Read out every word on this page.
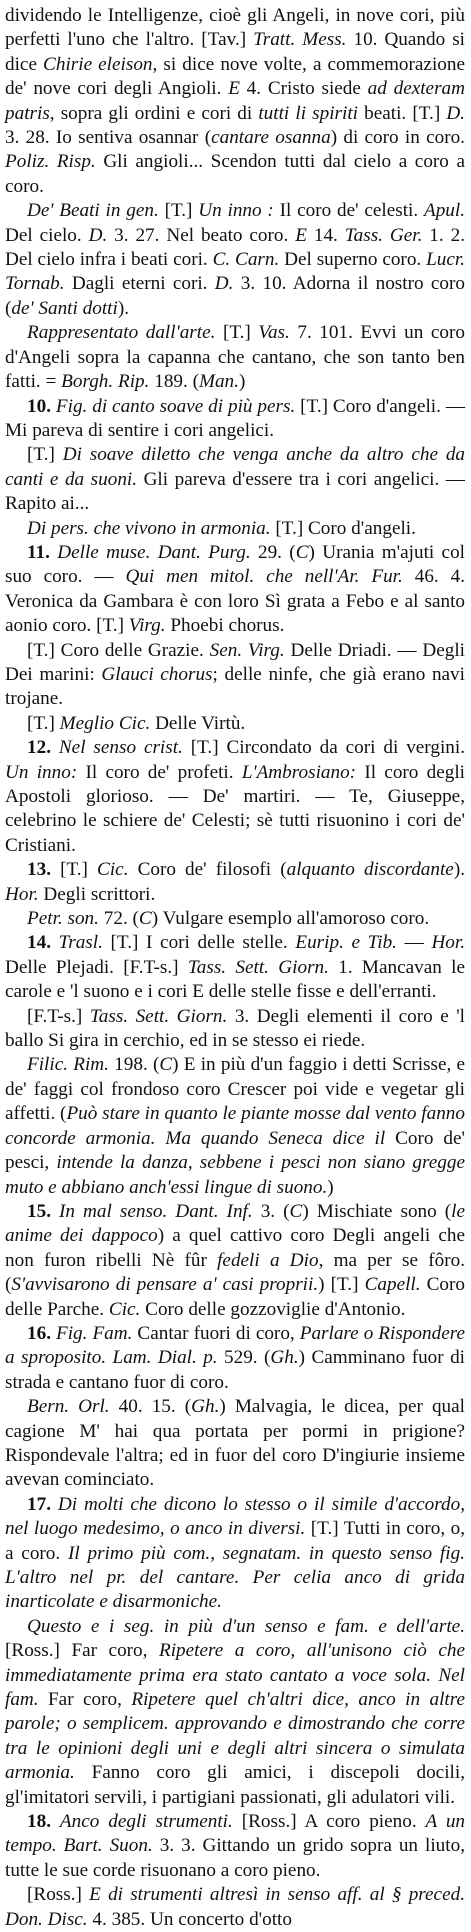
dividendo le Intelligenze, cioè gli Angeli, in nove cori, più perfetti l'uno che l'altro. [Tav.] Tratt. Mess. 10. Quando si dice Chirie eleison, si dice nove volte, a commemorazione de' nove cori degli Angioli. E 4. Cristo siede ad dexteram patris, sopra gli ordini e cori di tutti li spiriti beati. [T.] D. 3. 28. Io sentiva osannar (cantare osanna) di coro in coro. Poliz. Risp. Gli angioli... Scendon tutti dal cielo a coro a coro.

De' Beati in gen. [T.] Un inno : Il coro de' celesti. Apul. Del cielo. D. 3. 27. Nel beato coro. E 14. Tass. Ger. 1. 2. Del cielo infra i beati cori. C. Carn. Del superno coro. Lucr. Tornab. Dagli eterni cori. D. 3. 10. Adorna il nostro coro (de' Santi dotti).

Rappresentato dall'arte. [T.] Vas. 7. 101. Evvi un coro d'Angeli sopra la capanna che cantano, che son tanto ben fatti. = Borgh. Rip. 189. (Man.)

10. Fig. di canto soave di più pers. [T.] Coro d'angeli. — Mi pareva di sentire i cori angelici.

[T.] Di soave diletto che venga anche da altro che da canti e da suoni. Gli pareva d'essere tra i cori angelici. — Rapito ai...

Di pers. che vivono in armonia. [T.] Coro d'angeli.

11. Delle muse. Dant. Purg. 29. (C) Urania m'ajuti col suo coro. — Qui men mitol. che nell'Ar. Fur. 46. 4. Veronica da Gambara è con loro Sì grata a Febo e al santo aonio coro. [T.] Virg. Phoebi chorus.

[T.] Coro delle Grazie. Sen. Virg. Delle Driadi. — Degli Dei marini: Glauci chorus; delle ninfe, che già erano navi trojane.

[T.] Meglio Cic. Delle Virtù.

12. Nel senso crist. [T.] Circondato da cori di vergini. Un inno: Il coro de' profeti. L'Ambrosiano: Il coro degli Apostoli glorioso. — De' martiri. — Te, Giuseppe, celebrino le schiere de' Celesti; sè tutti risuonino i cori de' Cristiani.

13. [T.] Cic. Coro de' filosofi (alquanto discordante). Hor. Degli scrittori.

Petr. son. 72. (C) Vulgare esemplo all'amoroso coro.

14. Trasl. [T.] I cori delle stelle. Eurip. e Tib. — Hor. Delle Plejadi. [F.T-s.] Tass. Sett. Giorn. 1. Mancavan le carole e 'l suono e i cori E delle stelle fisse e dell'erranti.

[F.T-s.] Tass. Sett. Giorn. 3. Degli elementi il coro e 'l ballo Si gira in cerchio, ed in se stesso ei riede.

Filic. Rim. 198. (C) E in più d'un faggio i detti Scrisse, e de' faggi col frondoso coro Crescer poi vide e vegetar gli affetti. (Può stare in quanto le piante mosse dal vento fanno concorde armonia. Ma quando Seneca dice il Coro de' pesci, intende la danza, sebbene i pesci non siano gregge muto e abbiano anch'essi lingue di suono.)

15. In mal senso. Dant. Inf. 3. (C) Mischiate sono (le anime dei dappoco) a quel cattivo coro Degli angeli che non furon ribelli Nè fûr fedeli a Dio, ma per se fôro. (S'avvisarono di pensare a' casi proprii.) [T.] Capell. Coro delle Parche. Cic. Coro delle gozzoviglie d'Antonio.

16. Fig. Fam. Cantar fuori di coro, Parlare o Rispondere a sproposito. Lam. Dial. p. 529. (Gh.) Camminano fuor di strada e cantano fuor di coro.

Bern. Orl. 40. 15. (Gh.) Malvagia, le dicea, per qual cagione M' hai qua portata per pormi in prigione? Rispondevale l'altra; ed in fuor del coro D'ingiurie insieme avevan cominciato.

17. Di molti che dicono lo stesso o il simile d'accordo, nel luogo medesimo, o anco in diversi. [T.] Tutti in coro, o, a coro. Il primo più com., segnatam. in questo senso fig. L'altro nel pr. del cantare. Per celia anco di grida inarticolate e disarmoniche.

Questo e i seg. in più d'un senso e fam. e dell'arte. [Ross.] Far coro, Ripetere a coro, all'unisono ciò che immediatamente prima era stato cantato a voce sola. Nel fam. Far coro, Ripetere quel ch'altri dice, anco in altre parole; o semplicem. approvando e dimostrando che corre tra le opinioni degli uni e degli altri sincera o simulata armonia. Fanno coro gli amici, i discepoli docili, gl'imitatori servili, i partigiani passionati, gli adulatori vili.

18. Anco degli strumenti. [Ross.] A coro pieno. A un tempo. Bart. Suon. 3. 3. Gittando un grido sopra un liuto, tutte le sue corde risuonano a coro pieno.

[Ross.] E di strumenti altresì in senso aff. al § preced. Don. Disc. 4. 385. Un concerto d'otto
